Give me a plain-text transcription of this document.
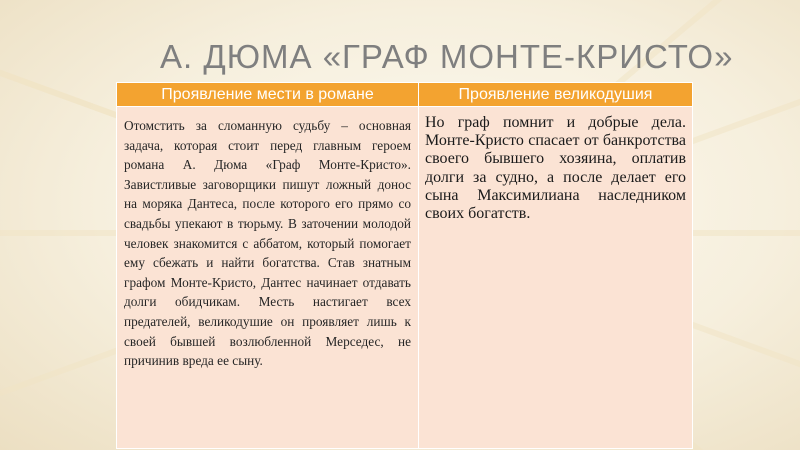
А. ДЮМА «ГРАФ МОНТЕ-КРИСТО»
Проявление мести в романе	Проявление великодушия

Отомстить за сломанную судьбу – основная задача, которая стоит перед главным героем романа А. Дюма «Граф Монте-Кристо». Завистливые заговорщики пишут ложный донос на моряка Дантеса, после которого его прямо со свадьбы упекают в тюрьму. В заточении молодой человек знакомится с аббатом, который помогает ему сбежать и найти богатства. Став знатным графом Монте-Кристо, Дантес начинает отдавать долги обидчикам. Месть настигает всех предателей, великодушие он проявляет лишь к своей бывшей возлюбленной Мерседес, не причинив вреда ее сыну.	Но граф помнит и добрые дела. Монте-Кристо спасает от банкротства своего бывшего хозяина, оплатив долги за судно, а после делает его сына Максимилиана наследником своих богатств.
